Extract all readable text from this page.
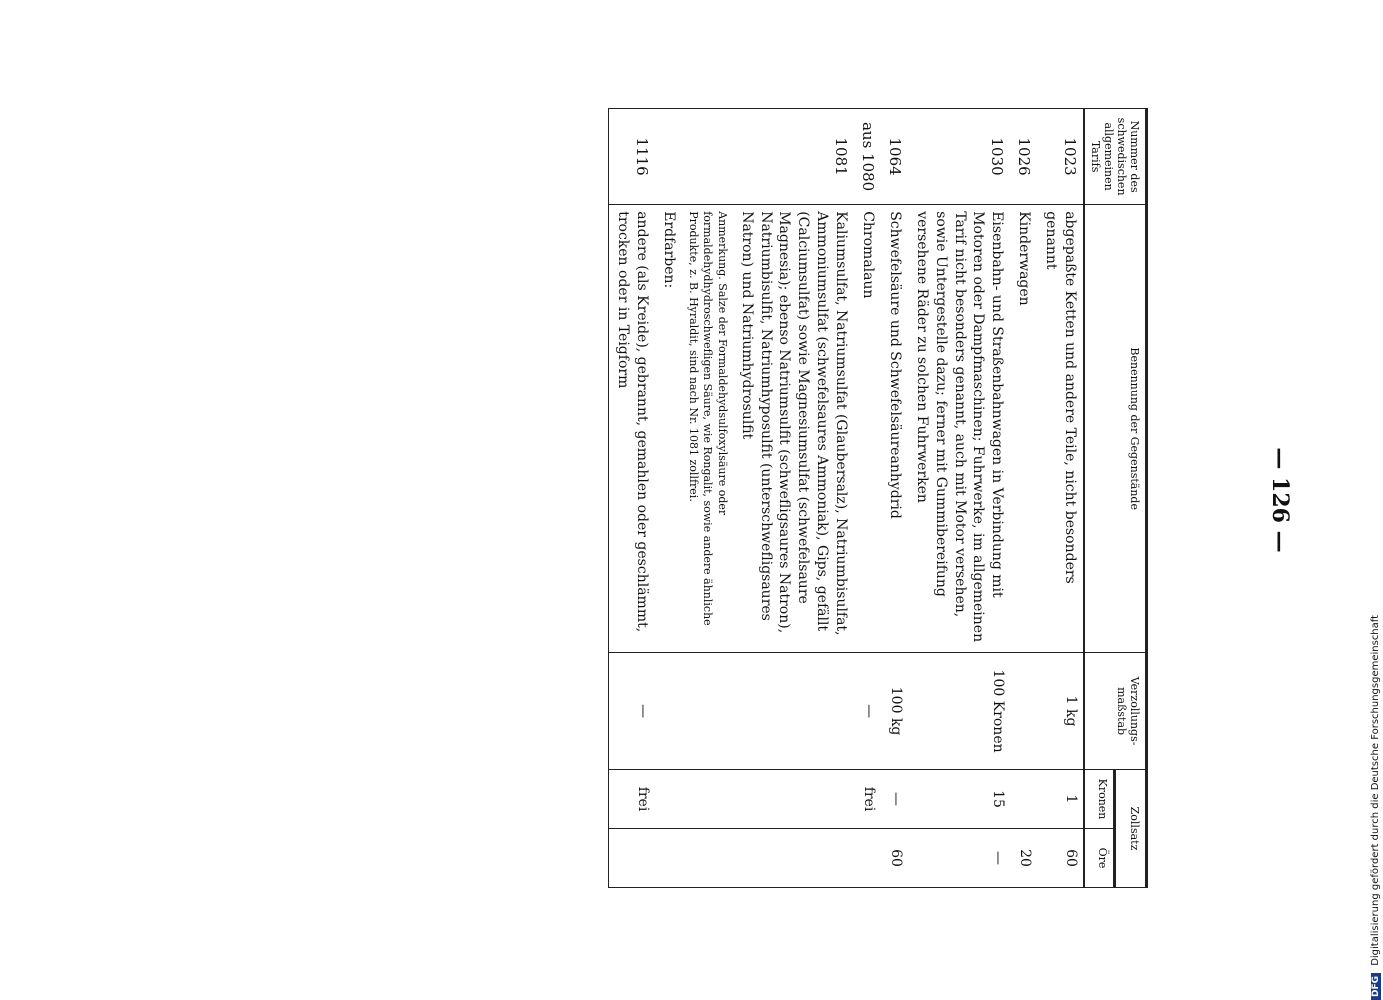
— 126 —
Nummer des schwedischen allgemeinen Tarifs	Benennung der Gegenstände	Verzollungs-maßstab	Zollsatz	
			Kronen	Öre
1023	abgepaßte Ketten und andere Teile, nicht besonders genannt	1 kg	1	60
1026	Kinderwagen			20
1030	Eisenbahn- und Straßenbahnwagen in Verbindung mit Motoren oder Dampfmaschinen; Fuhrwerke, im allgemeinen Tarif nicht besonders genannt, auch mit Motor versehen, sowie Untergestelle dazu; ferner mit Gummibereifung versehene Räder zu solchen Fuhrwerken	100 Kronen	15	—
1064	Schwefelsäure und Schwefelsäureanhydrid	100 kg	—	60
aus 1080	Chromalaun	—	frei	
1081	Kaliumsulfat, Natriumsulfat (Glaubersalz), Natriumbisulfat, Ammoniumsulfat (schwefelsaures Ammoniak), Gips, gefällt (Calciumsulfat) sowie Magnesiumsulfat (schwefelsaure Magnesia); ebenso Natriumsulfit (schwefligsaures Natron), Natriumbisulfit, Natriumhyposulfit (unterschwefligsaures Natron) und Natriumhydrosulfit			
	Anmerkung. Salze der Formaldehydsulfoxylsäure oder formaldehydhydroschwefligen Säure, wie Rongalit, sowie andere ähnliche Produkte, z. B. Hyraldit, sind nach Nr. 1081 zollfrei.			
	Erdfarben:			
1116	andere (als Kreide), gebrannt, gemahlen oder geschlämmt, trocken oder in Teigform	—	frei	
DFG Digitalisierung gefördert durch die Deutsche Forschungsgemeinschaft
